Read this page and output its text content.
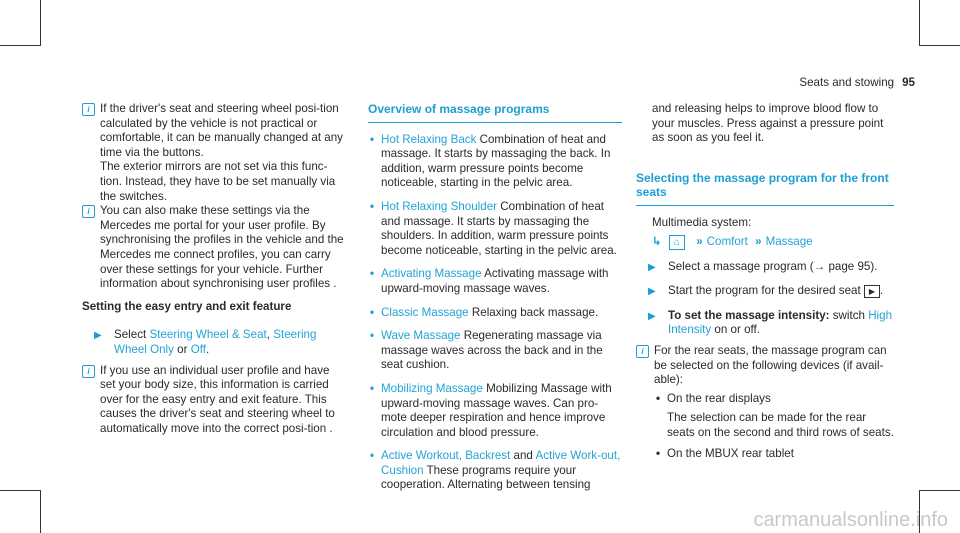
Seats and stowing 95
i If the driver's seat and steering wheel posi-tion calculated by the vehicle is not practical or comfortable, it can be manually changed at any time via the buttons.

The exterior mirrors are not set via this func-tion. Instead, they have to be set manually via the switches.

i You can also make these settings via the Mercedes me portal for your user profile. By synchronising the profiles in the vehicle and the Mercedes me connect profiles, you can carry over these settings for your vehicle. Further information about synchronising user profiles .

Setting the easy entry and exit feature
▶ Select Steering Wheel & Seat, Steering Wheel Only or Off.
i If you use an individual user profile and have set your body size, this information is carried over for the easy entry and exit feature. This causes the driver's seat and steering wheel to automatically move into the correct posi-tion .

Overview of massage programs
• Hot Relaxing Back Combination of heat and massage. It starts by massaging the back. In addition, warm pressure points become noticeable, starting in the pelvic area.
• Hot Relaxing Shoulder Combination of heat and massage. It starts by massaging the shoulders. In addition, warm pressure points become noticeable, starting in the pelvic area.
• Activating Massage Activating massage with upward-moving massage waves.
• Classic Massage Relaxing back massage.
• Wave Massage Regenerating massage via massage waves across the back and in the seat cushion.
• Mobilizing Massage Mobilizing Massage with upward-moving massage waves. Can pro-mote deeper respiration and hence improve circulation and blood pressure.
• Active Workout, Backrest and Active Work-out, Cushion These programs require your cooperation. Alternating between tensing

and releasing helps to improve blood flow to your muscles. Press against a pressure point as soon as you feel it.

Selecting the massage program for the front seats

Multimedia system:

↳ ⌂ » Comfort » Massage
▶ Select a massage program (→ page 95).
▶ Start the program for the desired seat ▶ .
▶ To set the massage intensity: switch High Intensity on or off.
i For the rear seats, the massage program can be selected on the following devices (if avail-able):

• On the rear displays

The selection can be made for the rear seats on the second and third rows of seats.

• On the MBUX rear tablet

carmanualsonline.info
